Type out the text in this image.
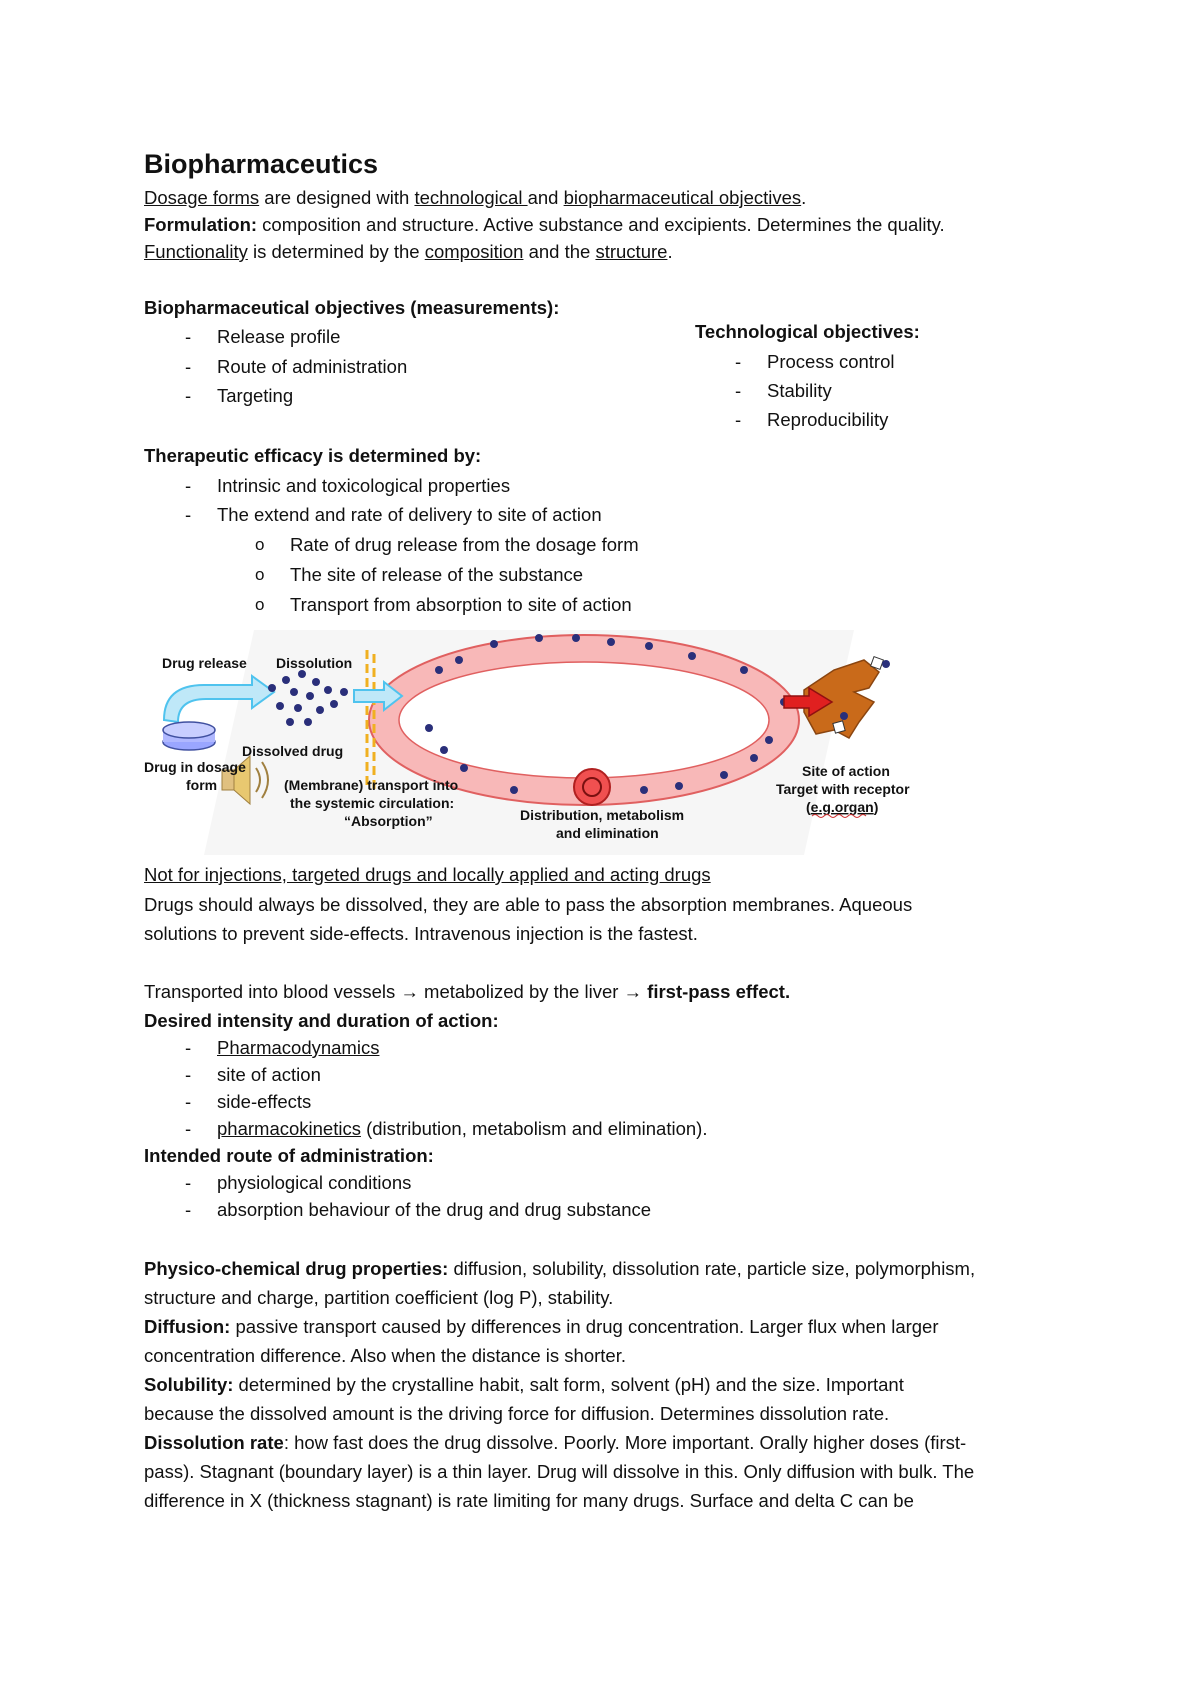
Biopharmaceutics
Dosage forms are designed with technological and biopharmaceutical objectives.
Formulation: composition and structure. Active substance and excipients. Determines the quality.
Functionality is determined by the composition and the structure.
Biopharmaceutical objectives (measurements):
- Release profile
- Route of administration
- Targeting
Technological objectives:
- Process control
- Stability
- Reproducibility
Therapeutic efficacy is determined by:
- Intrinsic and toxicological properties
- The extend and rate of delivery to site of action
o Rate of drug release from the dosage form
o The site of release of the substance
o Transport from absorption to site of action
Drug release Dissolution
Dissolved drug
Drug in dosage
form	(Membrane) transport into
the systemic circulation:
“Absorption”	Distribution, metabolism
and elimination
Site of action
Target with receptor
(e.g.organ)
Not for injections, targeted drugs and locally applied and acting drugs
Drugs should always be dissolved, they are able to pass the absorption membranes. Aqueous
solutions to prevent side-effects. Intravenous injection is the fastest.
Transported into blood vessels → metabolized by the liver → first-pass effect.
Desired intensity and duration of action:
- Pharmacodynamics
- site of action
- side-effects
- pharmacokinetics (distribution, metabolism and elimination).
Intended route of administration:
- physiological conditions
- absorption behaviour of the drug and drug substance
Physico-chemical drug properties: diffusion, solubility, dissolution rate, particle size, polymorphism,
structure and charge, partition coefficient (log P), stability.
Diffusion: passive transport caused by differences in drug concentration. Larger flux when larger
concentration difference. Also when the distance is shorter.
Solubility: determined by the crystalline habit, salt form, solvent (pH) and the size. Important
because the dissolved amount is the driving force for diffusion. Determines dissolution rate.
Dissolution rate: how fast does the drug dissolve. Poorly. More important. Orally higher doses (first-
pass). Stagnant (boundary layer) is a thin layer. Drug will dissolve in this. Only diffusion with bulk. The
difference in X (thickness stagnant) is rate limiting for many drugs. Surface and delta C can be
